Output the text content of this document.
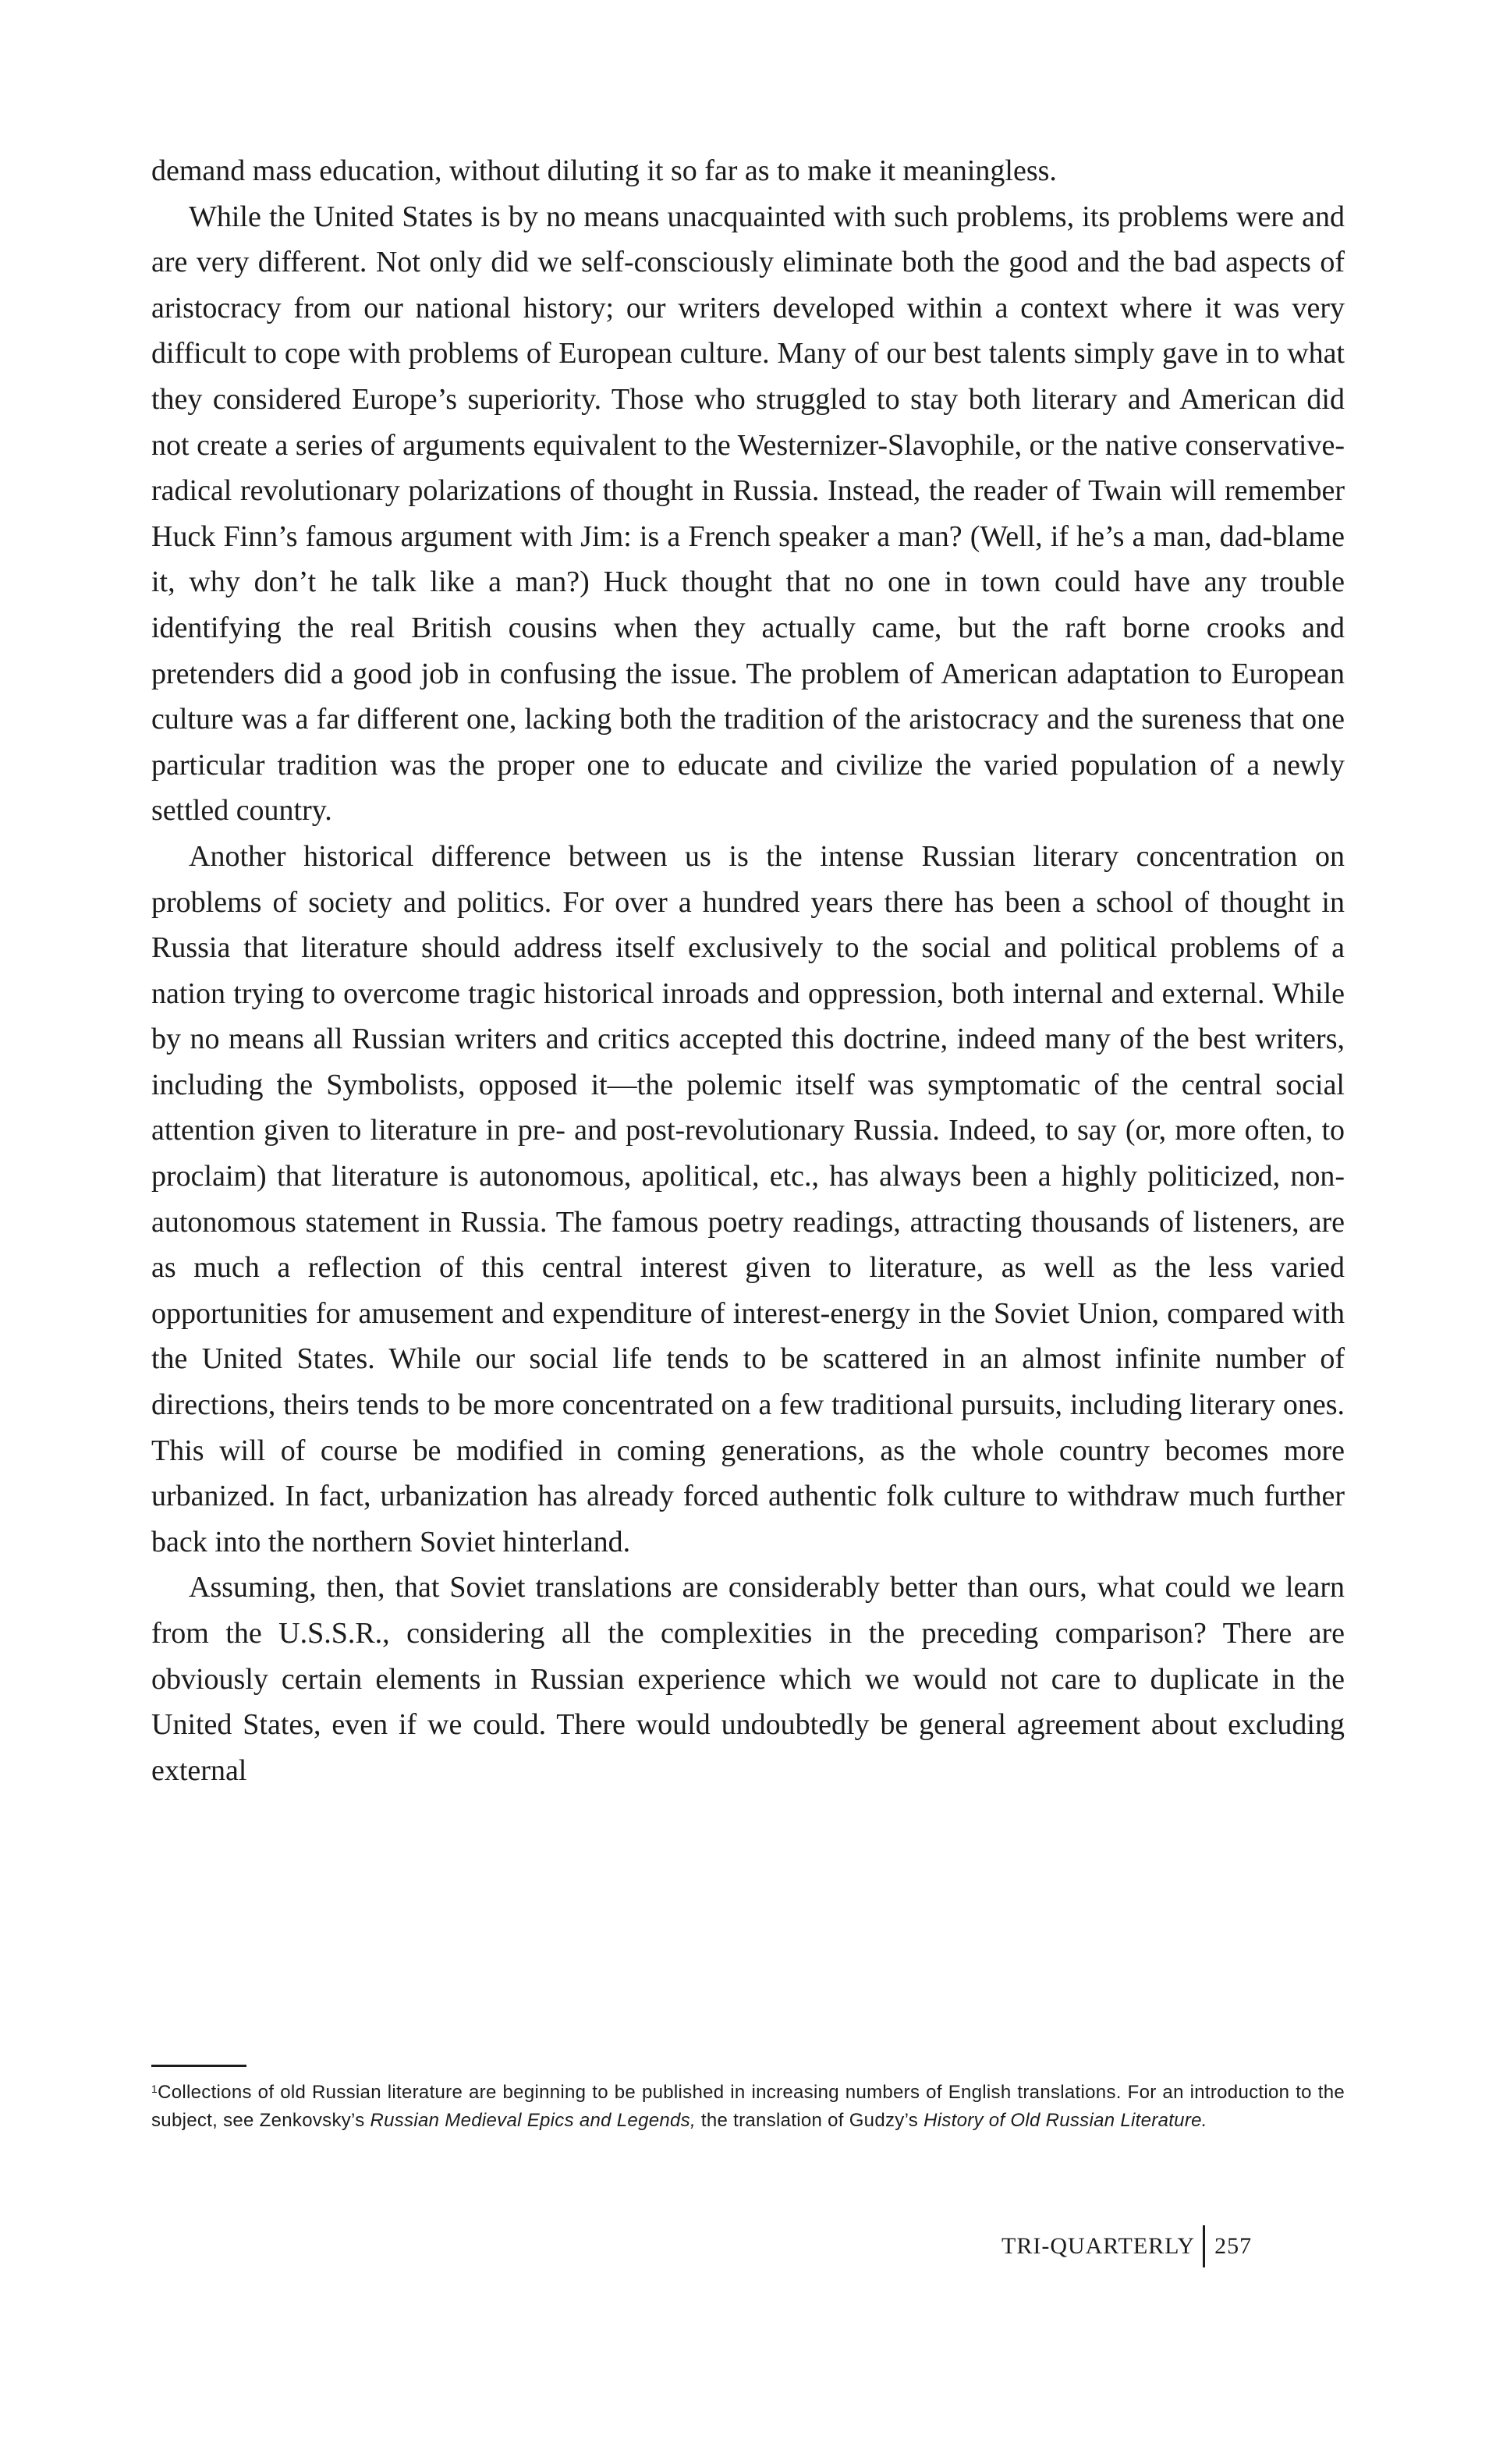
demand mass education, without diluting it so far as to make it meaningless.

While the United States is by no means unacquainted with such problems, its problems were and are very different. Not only did we self-consciously eliminate both the good and the bad aspects of aristocracy from our national history; our writers developed within a context where it was very difficult to cope with problems of European culture. Many of our best talents simply gave in to what they considered Europe’s superiority. Those who struggled to stay both literary and American did not create a series of arguments equivalent to the Westernizer-Slavophile, or the native conservative-radical revolutionary polarizations of thought in Russia. Instead, the reader of Twain will remember Huck Finn’s famous argument with Jim: is a French speaker a man? (Well, if he’s a man, dad-blame it, why don’t he talk like a man?) Huck thought that no one in town could have any trouble identifying the real British cousins when they actually came, but the raft borne crooks and pretenders did a good job in confusing the issue. The problem of American adaptation to European culture was a far different one, lacking both the tradition of the aristocracy and the sureness that one particular tradition was the proper one to educate and civilize the varied population of a newly settled country.

Another historical difference between us is the intense Russian literary concentration on problems of society and politics. For over a hundred years there has been a school of thought in Russia that literature should address itself exclusively to the social and political problems of a nation trying to overcome tragic historical inroads and oppression, both internal and external. While by no means all Russian writers and critics accepted this doctrine, indeed many of the best writers, including the Symbolists, opposed it—the polemic itself was symptomatic of the central social attention given to literature in pre- and post-revolutionary Russia. Indeed, to say (or, more often, to proclaim) that literature is autonomous, apolitical, etc., has always been a highly politicized, non-autonomous statement in Russia. The famous poetry readings, attracting thousands of listeners, are as much a reflection of this central interest given to literature, as well as the less varied opportunities for amusement and expenditure of interest-energy in the Soviet Union, compared with the United States. While our social life tends to be scattered in an almost infinite number of directions, theirs tends to be more concentrated on a few traditional pursuits, including literary ones. This will of course be modified in coming generations, as the whole country becomes more urbanized. In fact, urbanization has already forced authentic folk culture to withdraw much further back into the northern Soviet hinterland.

Assuming, then, that Soviet translations are considerably better than ours, what could we learn from the U.S.S.R., considering all the complexities in the preceding comparison? There are obviously certain elements in Russian experience which we would not care to duplicate in the United States, even if we could. There would undoubtedly be general agreement about excluding external

$^1$Collections of old Russian literature are beginning to be published in increasing numbers of English translations. For an introduction to the subject, see Zenkovsky’s Russian Medieval Epics and Legends, the translation of Gudzy’s History of Old Russian Literature.
TRI-QUARTERLY 257
